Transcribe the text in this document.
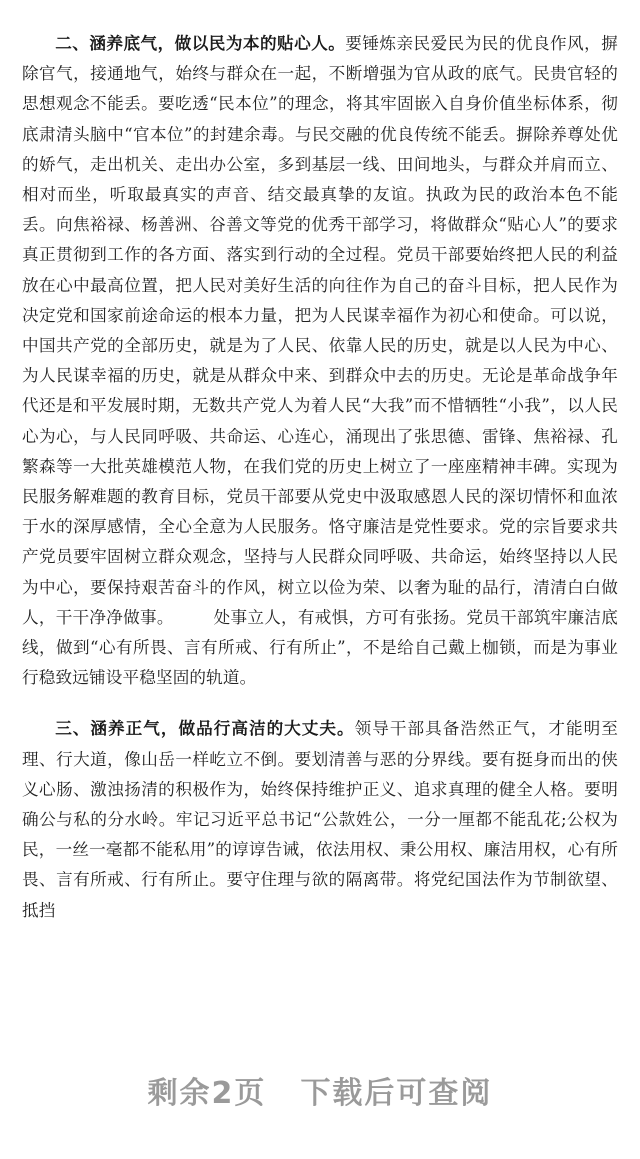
二、涵养底气，做以民为本的贴心人。要锤炼亲民爱民为民的优良作风，摒除官气，接通地气，始终与群众在一起，不断增强为官从政的底气。民贵官轻的思想观念不能丢。要吃透“民本位”的理念，将其牢固嵌入自身价值坐标体系，彻底肃清头脑中“官本位”的封建余毒。与民交融的优良传统不能丢。摒除养尊处优的娇气，走出机关、走出办公室，多到基层一线、田间地头，与群众并肩而立、相对而坐，听取最真实的声音、结交最真挚的友谊。执政为民的政治本色不能丢。向焦裕禄、杨善洲、谷善文等党的优秀干部学习，将做群众“贴心人”的要求真正贯彻到工作的各方面、落实到行动的全过程。党员干部要始终把人民的利益放在心中最高位置，把人民对美好生活的向往作为自己的奋斗目标，把人民作为决定党和国家前途命运的根本力量，把为人民谋幸福作为初心和使命。可以说，中国共产党的全部历史，就是为了人民、依靠人民的历史，就是以人民为中心、为人民谋幸福的历史，就是从群众中来、到群众中去的历史。无论是革命战争年代还是和平发展时期，无数共产党人为着人民“大我”而不惜牺牲“小我”，以人民心为心，与人民同呼吸、共命运、心连心，涌现出了张思德、雷锋、焦裕禄、孔繁森等一大批英雄模范人物，在我们党的历史上树立了一座座精神丰碑。实现为民服务解难题的教育目标，党员干部要从党史中汲取感恩人民的深切情怀和血浓于水的深厚感情，全心全意为人民服务。恪守廉洁是党性要求。党的宗旨要求共产党员要牢固树立群众观念，坚持与人民群众同呼吸、共命运，始终坚持以人民为中心，要保持艰苦奋斗的作风，树立以俭为荣、以奢为耻的品行，清清白白做人，干干净净做事。 处事立人，有戒惧，方可有张扬。党员干部筑牢廉洁底线，做到“心有所畏、言有所戒、行有所止”，不是给自己戴上枷锁，而是为事业行稳致远铺设平稳坚固的轨道。

三、涵养正气，做品行高洁的大丈夫。领导干部具备浩然正气，才能明至理、行大道，像山岳一样屹立不倒。要划清善与恶的分界线。要有挺身而出的侠义心肠、激浊扬清的积极作为，始终保持维护正义、追求真理的健全人格。要明确公与私的分水岭。牢记习近平总书记“公款姓公，一分一厘都不能乱花;公权为民，一丝一毫都不能私用”的谆谆告诫，依法用权、秉公用权、廉洁用权，心有所畏、言有所戒、行有所止。要守住理与欲的隔离带。将党纪国法作为节制欲望、抵挡

剩余2页 下载后可查阅
